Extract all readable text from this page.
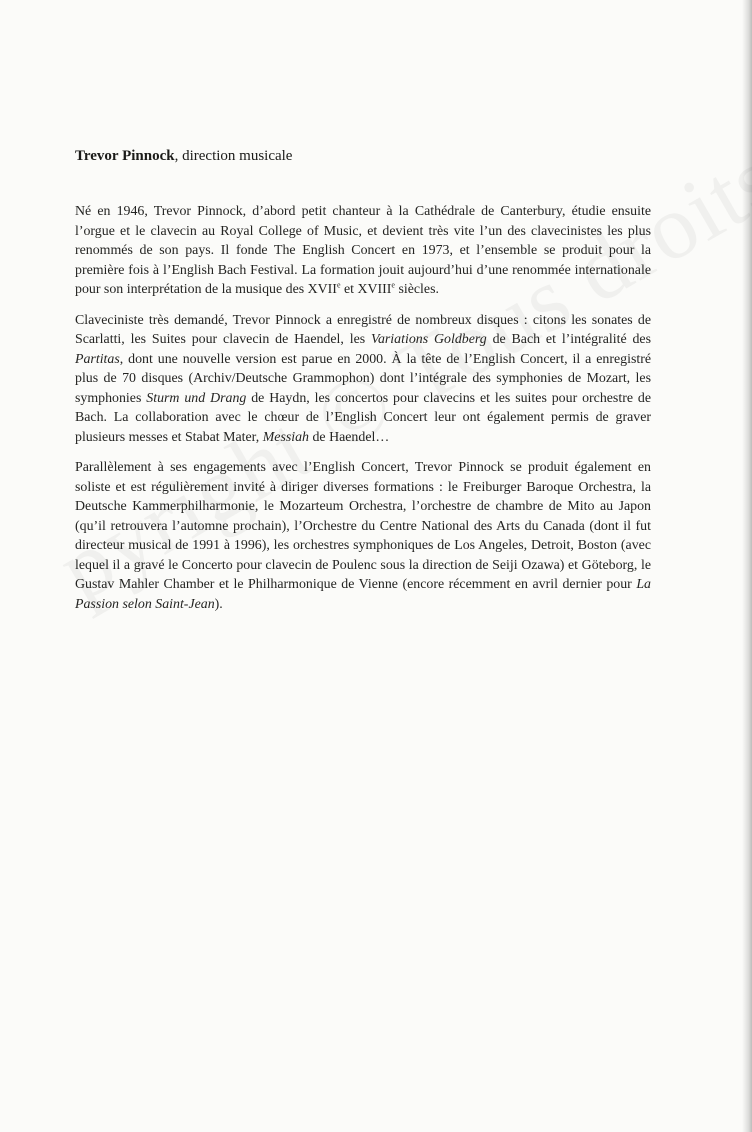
Trevor Pinnock, direction musicale

Né en 1946, Trevor Pinnock, d’abord petit chanteur à la Cathédrale de Canterbury, étudie ensuite l’orgue et le clavecin au Royal College of Music, et devient très vite l’un des clavecinistes les plus renommés de son pays. Il fonde The English Concert en 1973, et l’ensemble se produit pour la première fois à l’English Bach Festival. La formation jouit aujourd’hui d’une renommée internationale pour son interprétation de la musique des XVIIe et XVIIIe siècles.

Claveciniste très demandé, Trevor Pinnock a enregistré de nombreux disques : citons les sonates de Scarlatti, les Suites pour clavecin de Haendel, les Variations Goldberg de Bach et l’intégralité des Partitas, dont une nouvelle version est parue en 2000. À la tête de l’English Concert, il a enregistré plus de 70 disques (Archiv/Deutsche Grammophon) dont l’intégrale des symphonies de Mozart, les symphonies Sturm und Drang de Haydn, les concertos pour clavecins et les suites pour orchestre de Bach. La collaboration avec le chœur de l’English Concert leur ont également permis de graver plusieurs messes et Stabat Mater, Messiah de Haendel…

Parallèlement à ses engagements avec l’English Concert, Trevor Pinnock se produit également en soliste et est régulièrement invité à diriger diverses formations : le Freiburger Baroque Orchestra, la Deutsche Kammerphilharmonie, le Mozarteum Orchestra, l’orchestre de chambre de Mito au Japon (qu’il retrouvera l’automne prochain), l’Orchestre du Centre National des Arts du Canada (dont il fut directeur musical de 1991 à 1996), les orchestres symphoniques de Los Angeles, Detroit, Boston (avec lequel il a gravé le Concerto pour clavecin de Poulenc sous la direction de Seiji Ozawa) et Göteborg, le Gustav Mahler Chamber et le Philharmonique de Vienne (encore récemment en avril dernier pour La Passion selon Saint-Jean).
